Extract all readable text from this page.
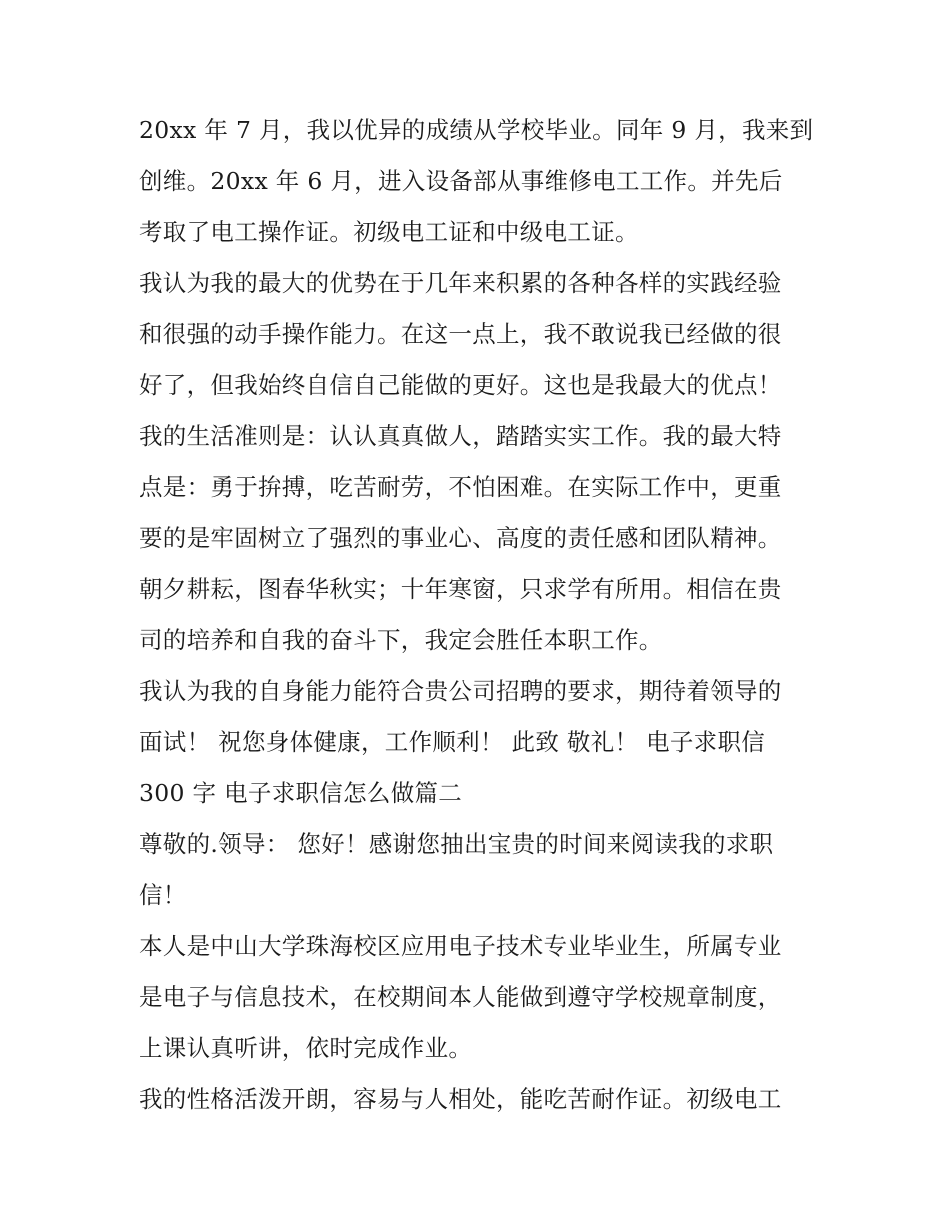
20xx 年 7 月，我以优异的成绩从学校毕业。同年 9 月，我来到
创维。20xx 年 6 月，进入设备部从事维修电工工作。并先后
考取了电工操作证。初级电工证和中级电工证。
我认为我的最大的优势在于几年来积累的各种各样的实践经验
和很强的动手操作能力。在这一点上，我不敢说我已经做的很
好了，但我始终自信自己能做的更好。这也是我最大的优点！
我的生活准则是：认认真真做人，踏踏实实工作。我的最大特
点是：勇于拚搏，吃苦耐劳，不怕困难。在实际工作中，更重
要的是牢固树立了强烈的事业心、高度的责任感和团队精神。
朝夕耕耘，图春华秋实；十年寒窗，只求学有所用。相信在贵
司的培养和自我的奋斗下，我定会胜任本职工作。
我认为我的自身能力能符合贵公司招聘的要求，期待着领导的
面试！ 祝您身体健康，工作顺利！ 此致 敬礼！ 电子求职信
300 字 电子求职信怎么做篇二
尊敬的.领导： 您好！感谢您抽出宝贵的时间来阅读我的求职
信！
本人是中山大学珠海校区应用电子技术专业毕业生，所属专业
是电子与信息技术，在校期间本人能做到遵守学校规章制度，
上课认真听讲，依时完成作业。
我的性格活泼开朗，容易与人相处，能吃苦耐作证。初级电工
